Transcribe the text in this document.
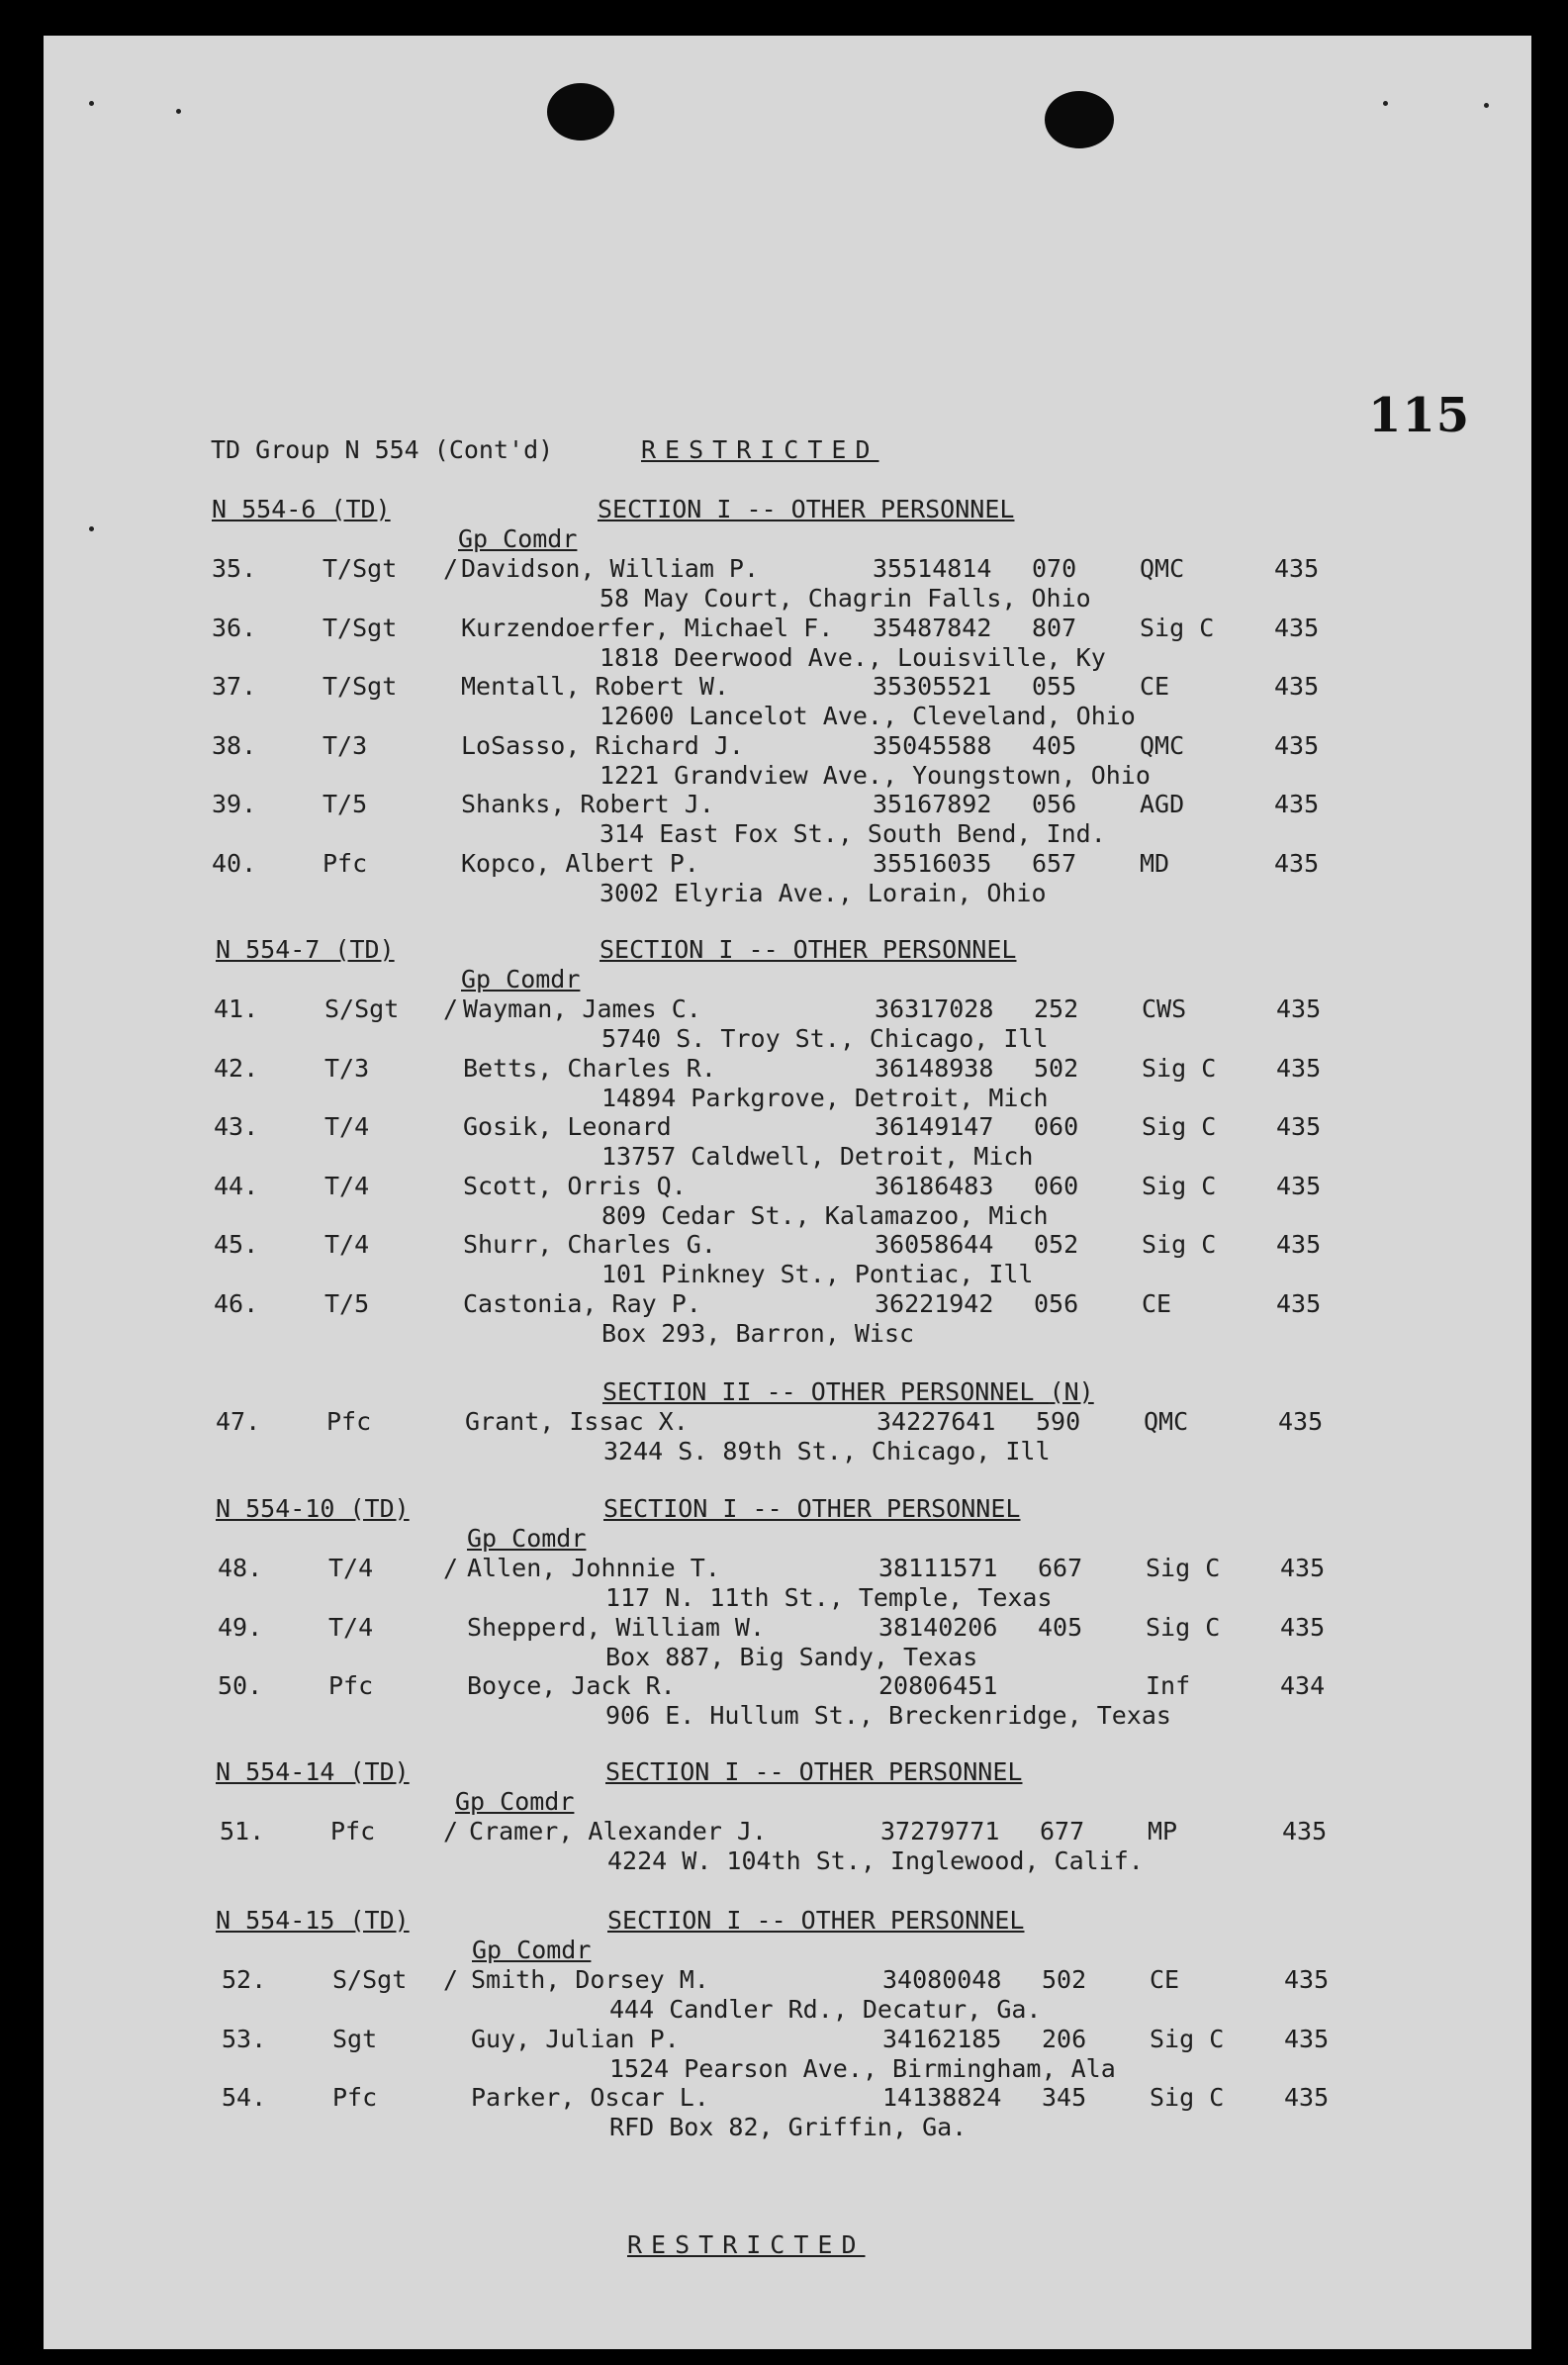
115
TD Group N 554 (Cont'd)	RESTRICTED
N 554-6 (TD)	SECTION I -- OTHER PERSONNEL
Gp Comdr
/
35.	T/Sgt	Davidson, William P.	35514814 070	QMC	435
58 May Court, Chagrin Falls, Ohio
36.	T/Sgt	Kurzendoerfer, Michael F. 35487842 807	Sig C 435
1818 Deerwood Ave., Louisville, Ky
37.	T/Sgt	Mentall, Robert W.	35305521 055	CE	435
12600 Lancelot Ave., Cleveland, Ohio
38.	T/3	LoSasso, Richard J.	35045588 405	QMC	435
1221 Grandview Ave., Youngstown, Ohio
39.	T/5	Shanks, Robert J.	35167892 056	AGD	435
314 East Fox St., South Bend, Ind.
40.	Pfc	Kopco, Albert P.	35516035 657	MD	435
3002 Elyria Ave., Lorain, Ohio
N 554-7 (TD)	SECTION I -- OTHER PERSONNEL
Gp Comdr
/
41.	S/Sgt	Wayman, James C.	36317028 252	CWS	435
5740 S. Troy St., Chicago, Ill
42.	T/3	Betts, Charles R.	36148938 502	Sig C 435
14894 Parkgrove, Detroit, Mich
43.	T/4	Gosik, Leonard	36149147 060	Sig C 435
13757 Caldwell, Detroit, Mich
44.	T/4	Scott, Orris Q.	36186483 060	Sig C 435
809 Cedar St., Kalamazoo, Mich
45.	T/4	Shurr, Charles G.	36058644 052	Sig C 435
101 Pinkney St., Pontiac, Ill
46.	T/5	Castonia, Ray P.	36221942 056	CE	435
Box 293, Barron, Wisc
SECTION II -- OTHER PERSONNEL (N)
47.	Pfc	Grant, Issac X.	34227641 590	QMC	435
3244 S. 89th St., Chicago, Ill
N 554-10 (TD)	SECTION I -- OTHER PERSONNEL
Gp Comdr
/
48.	T/4	Allen, Johnnie T.	38111571 667	Sig C 435
117 N. 11th St., Temple, Texas
49.	T/4	Shepperd, William W.	38140206 405	Sig C 435
Box 887, Big Sandy, Texas
50.	Pfc	Boyce, Jack R.	20806451	Inf	434
906 E. Hullum St., Breckenridge, Texas
N 554-14 (TD)	SECTION I -- OTHER PERSONNEL
Gp Comdr
/
51.	Pfc	Cramer, Alexander J.	37279771 677	MP	435
4224 W. 104th St., Inglewood, Calif.
N 554-15 (TD)	SECTION I -- OTHER PERSONNEL
Gp Comdr
/
52.	S/Sgt	Smith, Dorsey M.	34080048 502	CE	435
444 Candler Rd., Decatur, Ga.
53.	Sgt	Guy, Julian P.	34162185 206	Sig C 435
1524 Pearson Ave., Birmingham, Ala
54.	Pfc	Parker, Oscar L.	14138824 345	Sig C 435
RFD Box 82, Griffin, Ga.
RESTRICTED
